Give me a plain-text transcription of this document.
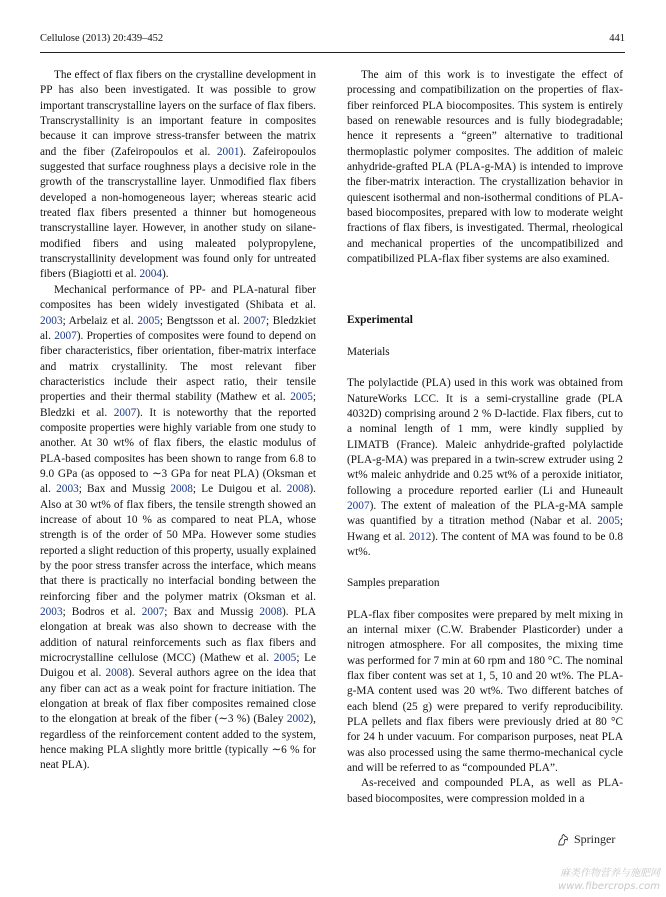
Cellulose (2013) 20:439–452	441

The effect of flax fibers on the crystalline development in PP has also been investigated. It was possible to grow important transcrystalline layers on the surface of flax fibers. Transcrystallinity is an important feature in composites because it can improve stress-transfer between the matrix and the fiber (Zafeiropoulos et al. 2001). Zafeiropoulos suggested that surface roughness plays a decisive role in the growth of the transcrystalline layer. Unmodified flax fibers developed a non-homogeneous layer; whereas stearic acid treated flax fibers presented a thinner but homogeneous transcrystalline layer. However, in another study on silane-modified fibers and using maleated polypropylene, transcrystallinity development was found only for untreated fibers (Biagiotti et al. 2004).

Mechanical performance of PP- and PLA-natural fiber composites has been widely investigated (Shibata et al. 2003; Arbelaiz et al. 2005; Bengtsson et al. 2007; Bledzkiet al. 2007). Properties of composites were found to depend on fiber characteristics, fiber orientation, fiber-matrix interface and matrix crystallinity. The most relevant fiber characteristics include their aspect ratio, their tensile properties and their thermal stability (Mathew et al. 2005; Bledzki et al. 2007). It is noteworthy that the reported composite properties were highly variable from one study to another. At 30 wt% of flax fibers, the elastic modulus of PLA-based composites has been shown to range from 6.8 to 9.0 GPa (as opposed to ∼3 GPa for neat PLA) (Oksman et al. 2003; Bax and Mussig 2008; Le Duigou et al. 2008). Also at 30 wt% of flax fibers, the tensile strength showed an increase of about 10 % as compared to neat PLA, whose strength is of the order of 50 MPa. However some studies reported a slight reduction of this property, usually explained by the poor stress transfer across the interface, which means that there is practically no interfacial bonding between the reinforcing fiber and the polymer matrix (Oksman et al. 2003; Bodros et al. 2007; Bax and Mussig 2008). PLA elongation at break was also shown to decrease with the addition of natural reinforcements such as flax fibers and microcrystalline cellulose (MCC) (Mathew et al. 2005; Le Duigou et al. 2008). Several authors agree on the idea that any fiber can act as a weak point for fracture initiation. The elongation at break of flax fiber composites remained close to the elongation at break of the fiber (∼3 %) (Baley 2002), regardless of the reinforcement content added to the system, hence making PLA slightly more brittle (typically ∼6 % for neat PLA).

The aim of this work is to investigate the effect of processing and compatibilization on the properties of flax-fiber reinforced PLA biocomposites. This system is entirely based on renewable resources and is fully biodegradable; hence it represents a “green” alternative to traditional thermoplastic polymer composites. The addition of maleic anhydride-grafted PLA (PLA-g-MA) is intended to improve the fiber-matrix interaction. The crystallization behavior in quiescent isothermal and non-isothermal conditions of PLA-based biocomposites, prepared with low to moderate weight fractions of flax fibers, is investigated. Thermal, rheological and mechanical properties of the uncompatibilized and compatibilized PLA-flax fiber systems are also examined.

Experimental

Materials

The polylactide (PLA) used in this work was obtained from NatureWorks LCC. It is a semi-crystalline grade (PLA 4032D) comprising around 2 % D-lactide. Flax fibers, cut to a nominal length of 1 mm, were kindly supplied by LIMATB (France). Maleic anhydride-grafted polylactide (PLA-g-MA) was prepared in a twin-screw extruder using 2 wt% maleic anhydride and 0.25 wt% of a peroxide initiator, following a procedure reported earlier (Li and Huneault 2007). The extent of maleation of the PLA-g-MA sample was quantified by a titration method (Nabar et al. 2005; Hwang et al. 2012). The content of MA was found to be 0.8 wt%.

Samples preparation

PLA-flax fiber composites were prepared by melt mixing in an internal mixer (C.W. Brabender Plasticorder) under a nitrogen atmosphere. For all composites, the mixing time was performed for 7 min at 60 rpm and 180 °C. The nominal flax fiber content was set at 1, 5, 10 and 20 wt%. The PLA-g-MA content used was 20 wt%. Two different batches of each blend (25 g) were prepared to verify reproducibility. PLA pellets and flax fibers were previously dried at 80 °C for 24 h under vacuum. For comparison purposes, neat PLA was also processed using the same thermo-mechanical cycle and will be referred to as “compounded PLA”.

As-received and compounded PLA, as well as PLA-based biocomposites, were compression molded in a

Springer
麻类作物营养与施肥网
www.fibercrops.com
